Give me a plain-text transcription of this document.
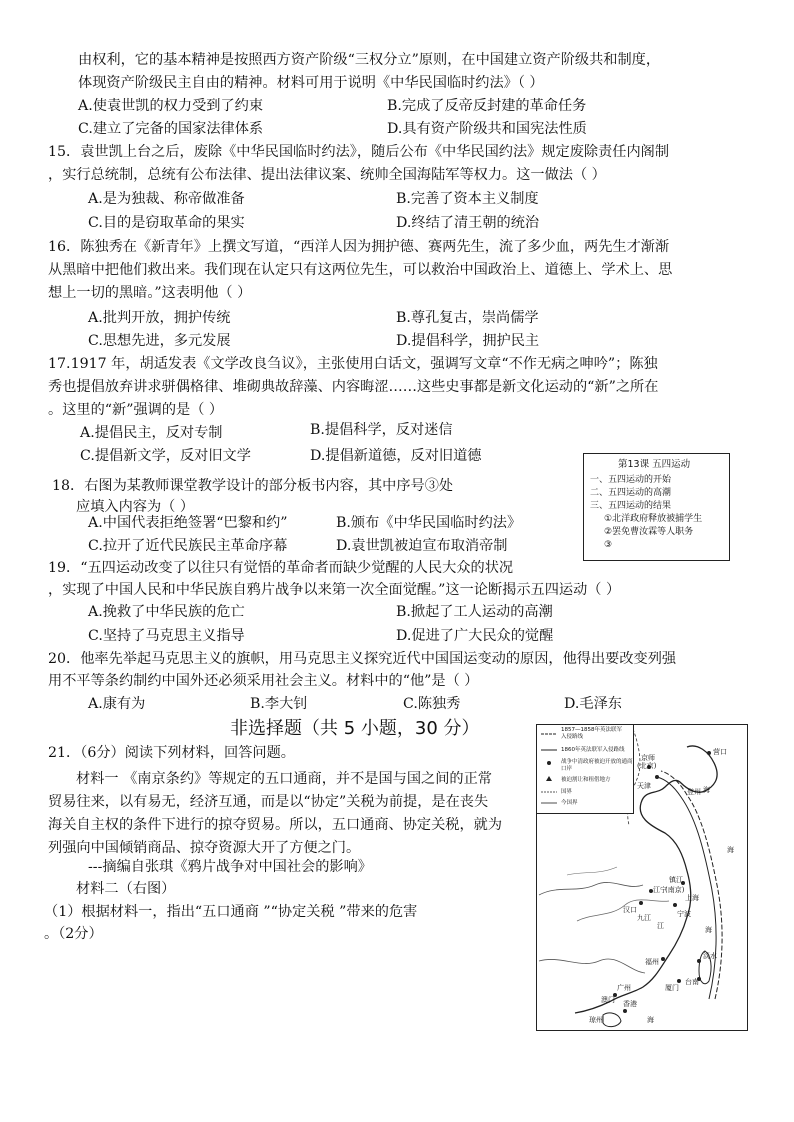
由权利，它的基本精神是按照西方资产阶级“三权分立”原则，在中国建立资产阶级共和制度，
体现资产阶级民主自由的精神。材料可用于说明《中华民国临时约法》（ ）
A.使袁世凯的权力受到了约束	B.完成了反帝反封建的革命任务
C.建立了完备的国家法律体系	D.具有资产阶级共和国宪法性质
15．袁世凯上台之后，废除《中华民国临时约法》，随后公布《中华民国约法》规定废除责任内阁制
，实行总统制，总统有公布法律、提出法律议案、统帅全国海陆军等权力。这一做法（ ）
A.是为独裁、称帝做准备	B.完善了资本主义制度
C.目的是窃取革命的果实	D.终结了清王朝的统治
16．陈独秀在《新青年》上撰文写道，“西洋人因为拥护德、赛两先生，流了多少血，两先生才渐渐
从黑暗中把他们救出来。我们现在认定只有这两位先生，可以救治中国政治上、道德上、学术上、思
想上一切的黑暗。”这表明他（ ）
A.批判开放，拥护传统	B.尊孔复古，崇尚儒学
C.思想先进，多元发展	D.提倡科学，拥护民主
17.1917 年，胡适发表《文学改良刍议》，主张使用白话文，强调写文章“不作无病之呻吟”；陈独
秀也提倡放弃讲求骈偶格律、堆砌典故辞藻、内容晦涩……这些史事都是新文化运动的“新”之所在
。这里的“新”强调的是（ ）
A.提倡民主，反对专制	B.提倡科学，反对迷信
C.提倡新文学，反对旧文学	D.提倡新道德，反对旧道德
第13课 五四运动
一、五四运动的开始
二、五四运动的高潮
三、五四运动的结果
①北洋政府释放被捕学生
②罢免曹汝霖等人职务
③
18．右图为某教师课堂教学设计的部分板书内容，其中序号③处
应填入内容为（ ）
A.中国代表拒绝签署“巴黎和约”	B.颁布《中华民国临时约法》
C.拉开了近代民族民主革命序幕	D.袁世凯被迫宣布取消帝制
19．“五四运动改变了以往只有觉悟的革命者而缺少觉醒的人民大众的状况
，实现了中国人民和中华民族自鸦片战争以来第一次全面觉醒。”这一论断揭示五四运动（ ）
A.挽救了中华民族的危亡	B.掀起了工人运动的高潮
C.坚持了马克思主义指导	D.促进了广大民众的觉醒
20．他率先举起马克思主义的旗帜，用马克思主义探究近代中国国运变动的原因，他得出要改变列强
用不平等条约制约中国外还必须采用社会主义。材料中的“他”是（ ）
A.康有为	B.李大钊	C.陈独秀	D.毛泽东
非选择题（共 5 小题，30 分）
21．（6分）阅读下列材料，回答问题。
材料一 《南京条约》等规定的五口通商，并不是国与国之间的正常
贸易往来，以有易无，经济互通，而是以“协定”关税为前提，是在丧失
海关自主权的条件下进行的掠夺贸易。所以，五口通商、协定关税，就为
列强向中国倾销商品、掠夺资源大开了方便之门。
---摘编自张琪《鸦片战争对中国社会的影响》
材料二（右图）
（1）根据材料一，指出“五口通商 ”“协定关税 ”带来的危害
。（2分）
1857—1858年英法联军
入侵路线
1860年英法联军入侵路线
战争中清政府被迫开放的通商
口岸
被迫割让和租借地方
国界
今国界
京师
(北京)
天津
营口
登州
江宁
镇江
(南京)
汉口
九江
上海
宁波
福州
厦门
淡水
台南
广州
香港
澳门
琼州
海
海
海
海
江
